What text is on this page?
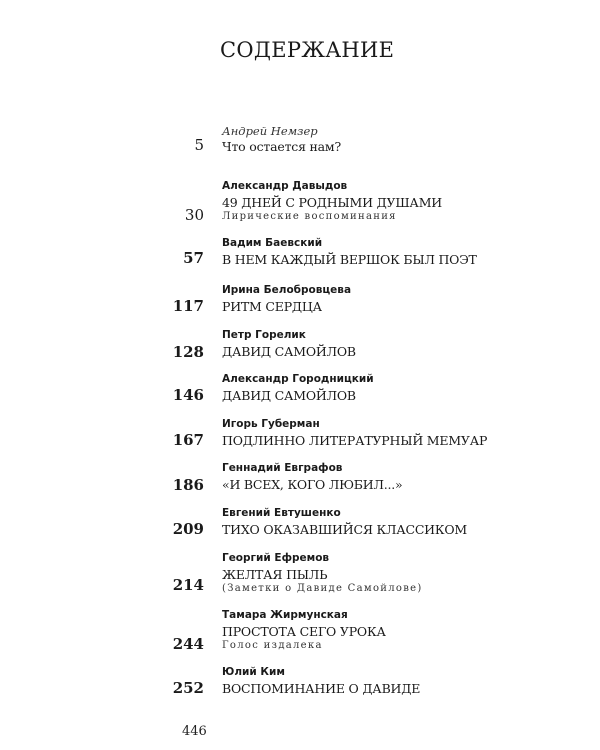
СОДЕРЖАНИЕ
Андрей Немзер
Что остается нам?
5
Александр Давыдов
49 ДНЕЙ С РОДНЫМИ ДУШАМИ
Лирические воспоминания
30
Вадим Баевский
В НЕМ КАЖДЫЙ ВЕРШОК БЫЛ ПОЭТ
57
Ирина Белобровцева
РИТМ СЕРДЦА
117
Петр Горелик
ДАВИД САМОЙЛОВ
128
Александр Городницкий
ДАВИД САМОЙЛОВ
146
Игорь Губерман
ПОДЛИННО ЛИТЕРАТУРНЫЙ МЕМУАР
167
Геннадий Евграфов
«И ВСЕХ, КОГО ЛЮБИЛ...»
186
Евгений Евтушенко
ТИХО ОКАЗАВШИЙСЯ КЛАССИКОМ
209
Георгий Ефремов
ЖЕЛТАЯ ПЫЛЬ
(Заметки о Давиде Самойлове)
214
Тамара Жирмунская
ПРОСТОТА СЕГО УРОКА
Голос издалека
244
Юлий Ким
ВОСПОМИНАНИЕ О ДАВИДЕ
252
446
